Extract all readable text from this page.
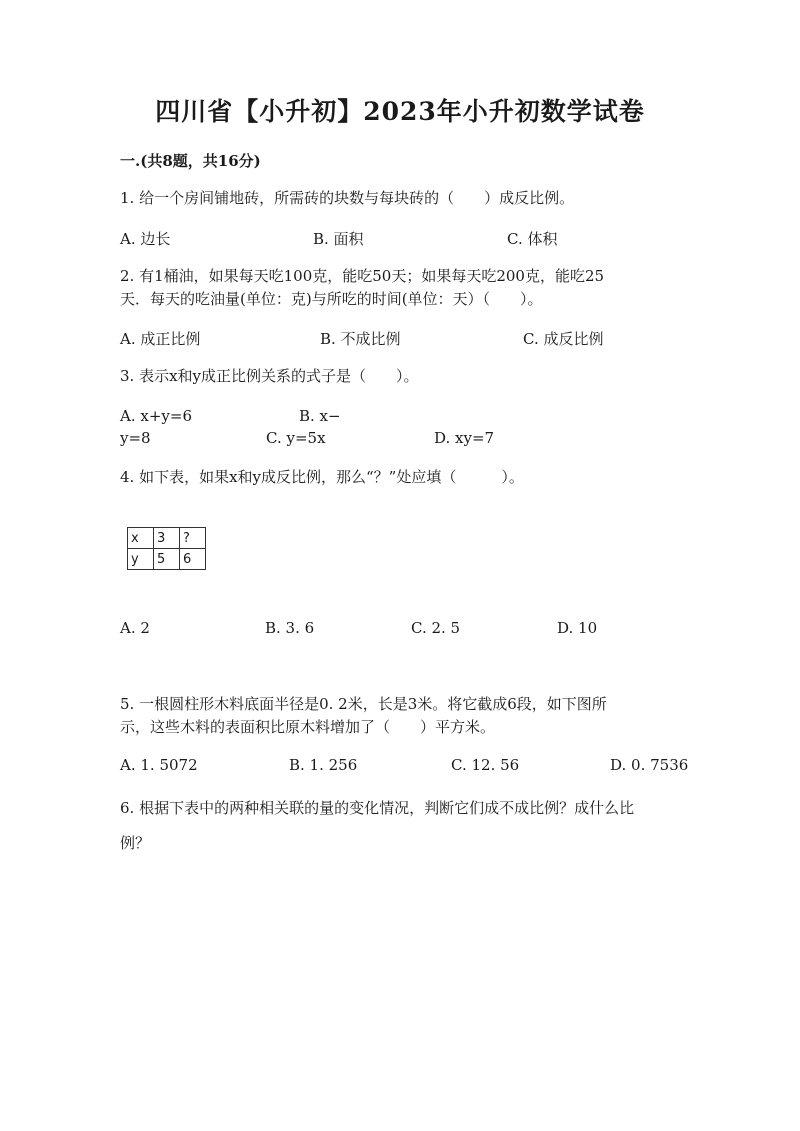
四川省【小升初】2023年小升初数学试卷
一.(共8题，共16分)
1. 给一个房间铺地砖，所需砖的块数与每块砖的（　　）成反比例。
A. 边长	B. 面积	C. 体积
2. 有1桶油，如果每天吃100克，能吃50天；如果每天吃200克，能吃25
天．每天的吃油量(单位：克)与所吃的时间(单位：天）（　　）。
A. 成正比例	B. 不成比例	C. 成反比例
3. 表示x和y成正比例关系的式子是（　　）。
A. x+y=6	B. x−
y=8	C. y=5x	D. xy=7
4. 如下表，如果x和y成反比例，那么“？”处应填（　　　）。
x	3	?
y	5	6
A. 2	B. 3. 6	C. 2. 5	D. 10
5. 一根圆柱形木料底面半径是0. 2米，长是3米。将它截成6段，如下图所
示，这些木料的表面积比原木料增加了（　　）平方米。
A. 1. 5072	B. 1. 256	C. 12. 56	D. 0. 7536
6. 根据下表中的两种相关联的量的变化情况，判断它们成不成比例？成什么比
例？
